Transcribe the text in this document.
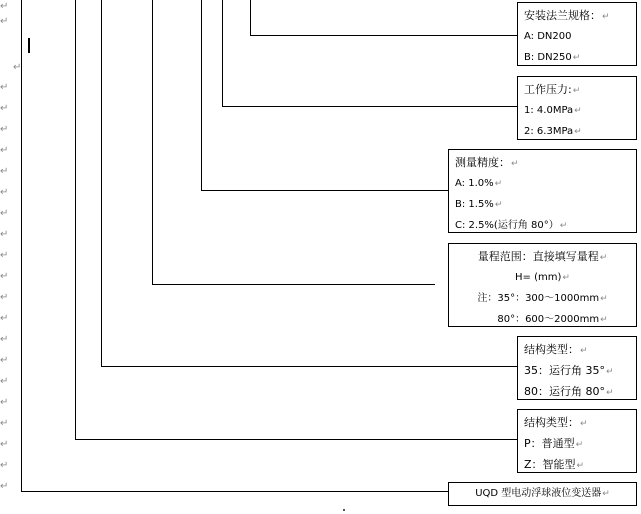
↵
↵
↵
↵
↵
↵
↵
↵
↵
↵
↵
↵
↵
↵
↵
↵
↵
↵
↵
↵
↵
↵
↵
安装法兰规格：↵
A: DN200
B: DN250↵
工作压力:↵
1: 4.0MPa↵
2: 6.3MPa↵
测量精度：↵
A: 1.0%↵
B: 1.5%↵
C: 2.5%(运行角 80°）↵
量程范围：直接填写量程↵
H= (mm)↵
注：35°：300～1000mm↵
80°：600～2000mm↵
结构类型：↵
35：运行角 35°↵
80：运行角 80°↵
结构类型：↵
P：普通型↵
Z：智能型↵
UQD 型电动浮球液位变送器↵
